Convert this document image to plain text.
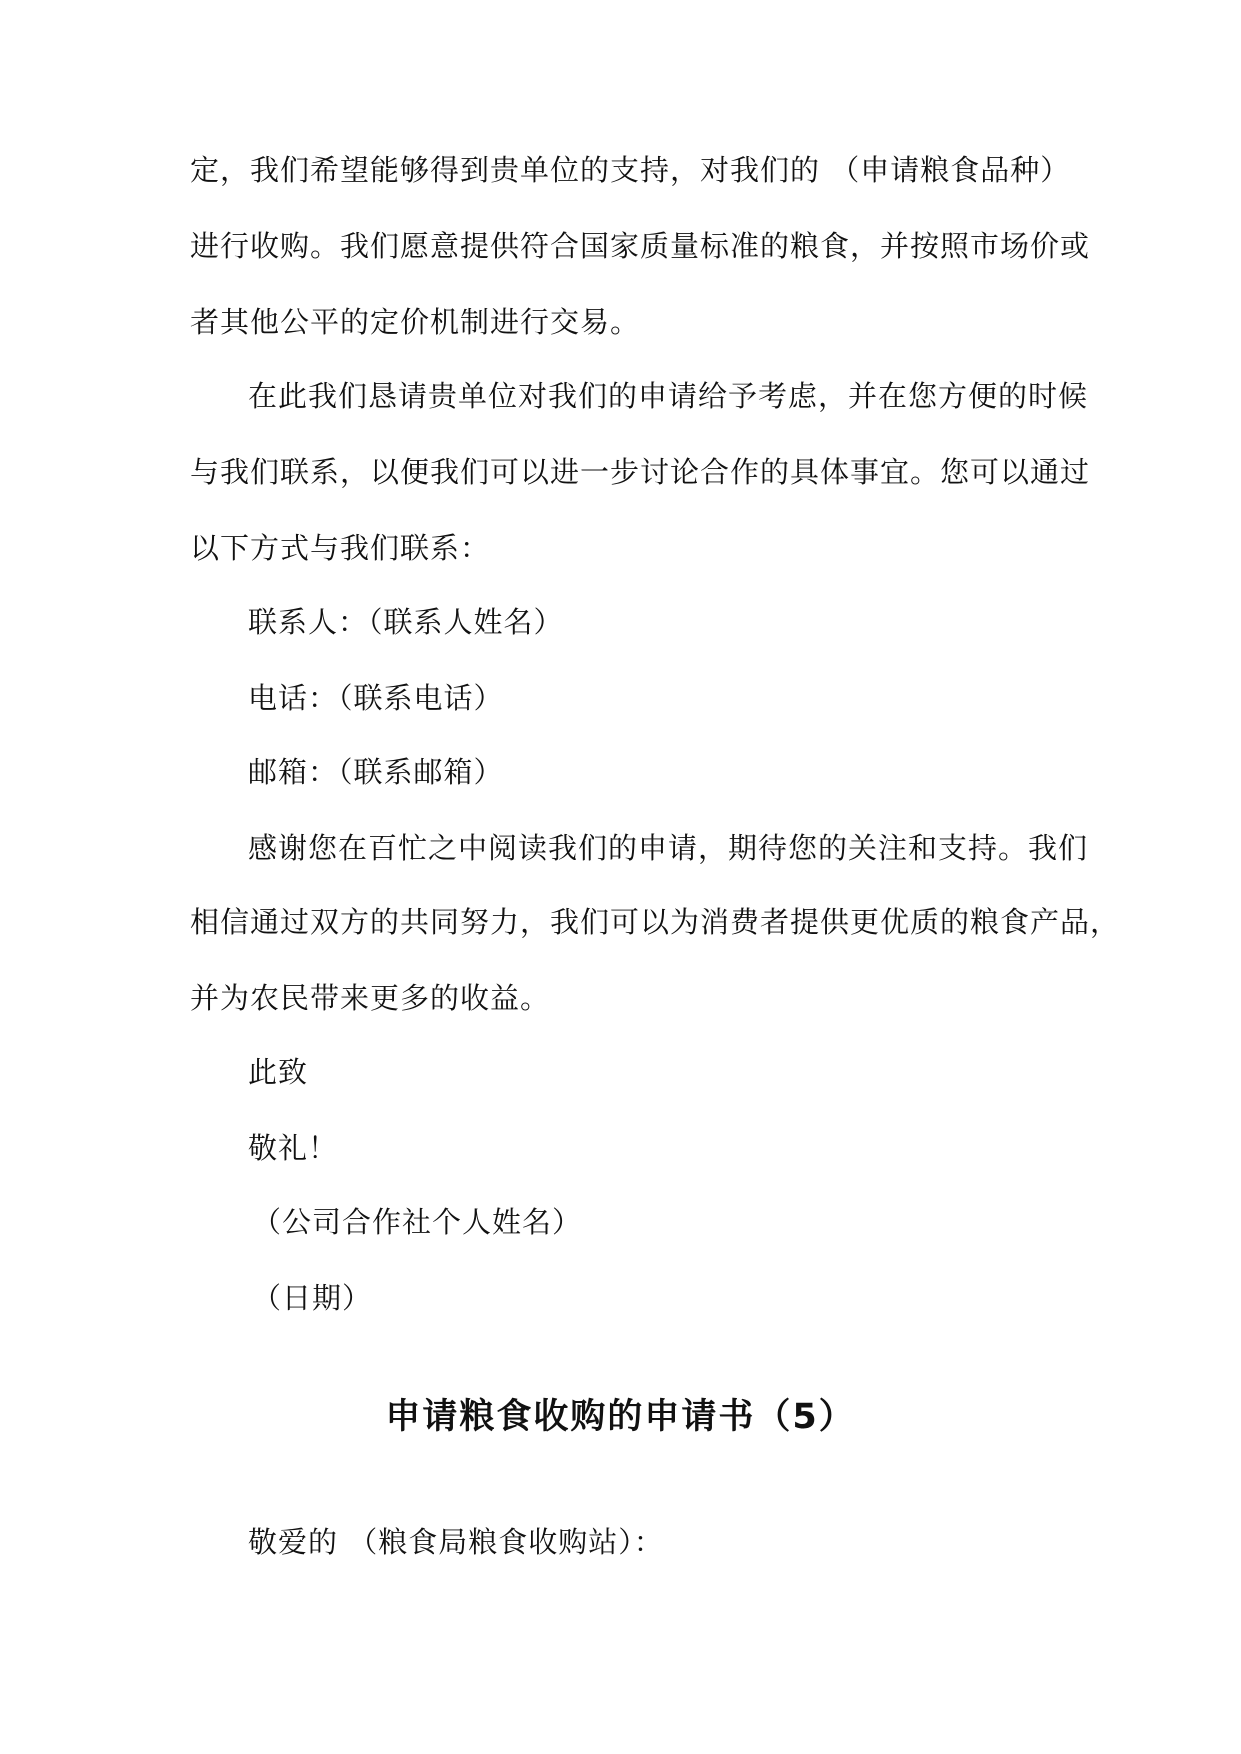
定，我们希望能够得到贵单位的支持，对我们的 （申请粮食品种）
进行收购。我们愿意提供符合国家质量标准的粮食，并按照市场价或
者其他公平的定价机制进行交易。
在此我们恳请贵单位对我们的申请给予考虑，并在您方便的时候
与我们联系，以便我们可以进一步讨论合作的具体事宜。您可以通过
以下方式与我们联系：
联系人：（联系人姓名）
电话：（联系电话）
邮箱：（联系邮箱）
感谢您在百忙之中阅读我们的申请，期待您的关注和支持。我们
相信通过双方的共同努力，我们可以为消费者提供更优质的粮食产品，
并为农民带来更多的收益。
此致
敬礼！
（公司合作社个人姓名）
（日期）
申请粮食收购的申请书（5）
敬爱的 （粮食局粮食收购站）：
